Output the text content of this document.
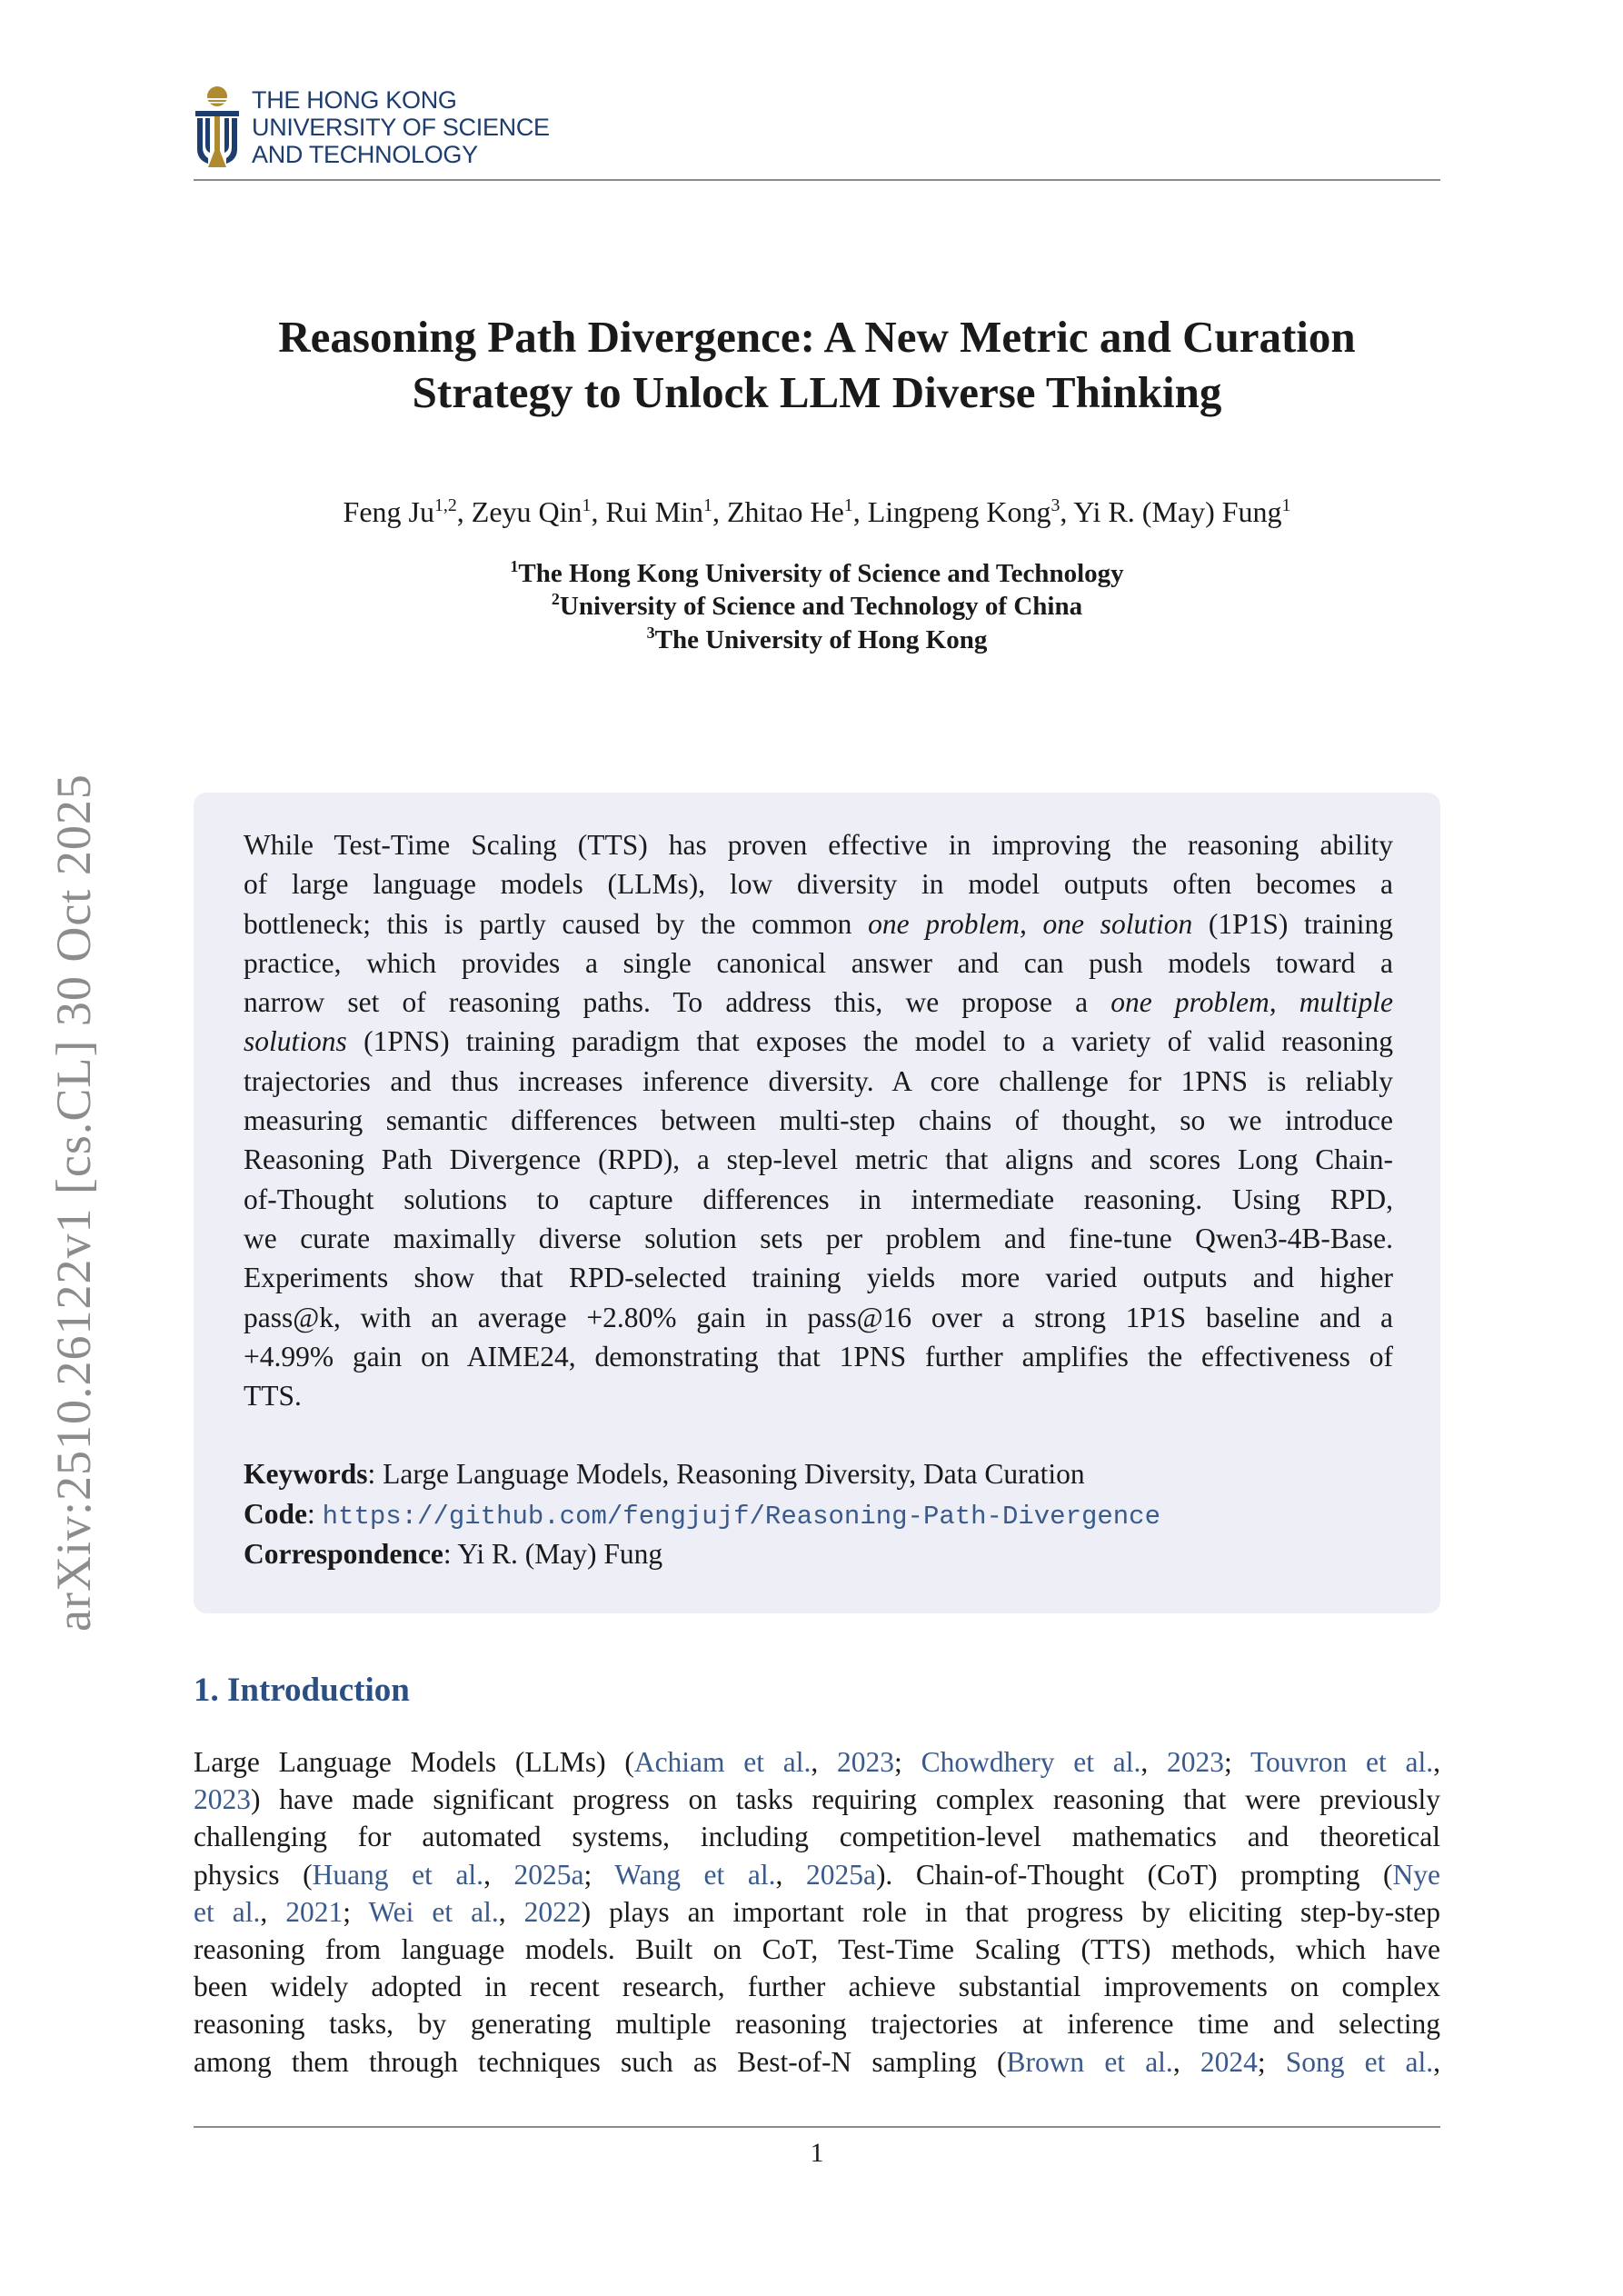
THE HONG KONG
UNIVERSITY OF SCIENCE
AND TECHNOLOGY
arXiv:2510.26122v1 [cs.CL] 30 Oct 2025
Reasoning Path Divergence: A New Metric and Curation
Strategy to Unlock LLM Diverse Thinking
Feng Ju$^{1,2}$, Zeyu Qin$^1$, Rui Min$^1$, Zhitao He$^1$, Lingpeng Kong$^3$, Yi R. (May) Fung$^1$
$^1$The Hong Kong University of Science and Technology
$^2$University of Science and Technology of China
$^3$The University of Hong Kong
While Test-Time Scaling (TTS) has proven effective in improving the reasoning ability
of large language models (LLMs), low diversity in model outputs often becomes a
bottleneck; this is partly caused by the common one problem, one solution (1P1S) training
practice, which provides a single canonical answer and can push models toward a
narrow set of reasoning paths. To address this, we propose a one problem, multiple
solutions (1PNS) training paradigm that exposes the model to a variety of valid reasoning
trajectories and thus increases inference diversity. A core challenge for 1PNS is reliably
measuring semantic differences between multi-step chains of thought, so we introduce
Reasoning Path Divergence (RPD), a step-level metric that aligns and scores Long Chain-
of-Thought solutions to capture differences in intermediate reasoning. Using RPD,
we curate maximally diverse solution sets per problem and fine-tune Qwen3-4B-Base.
Experiments show that RPD-selected training yields more varied outputs and higher
pass@k, with an average +2.80% gain in pass@16 over a strong 1P1S baseline and a
+4.99% gain on AIME24, demonstrating that 1PNS further amplifies the effectiveness of
TTS.
Keywords: Large Language Models, Reasoning Diversity, Data Curation
Code: https://github.com/fengjujf/Reasoning-Path-Divergence
Correspondence: Yi R. (May) Fung
1. Introduction
Large Language Models (LLMs) (Achiam et al., 2023; Chowdhery et al., 2023; Touvron et al.,
2023) have made significant progress on tasks requiring complex reasoning that were previously
challenging for automated systems, including competition-level mathematics and theoretical
physics (Huang et al., 2025a; Wang et al., 2025a). Chain-of-Thought (CoT) prompting (Nye
et al., 2021; Wei et al., 2022) plays an important role in that progress by eliciting step-by-step
reasoning from language models. Built on CoT, Test-Time Scaling (TTS) methods, which have
been widely adopted in recent research, further achieve substantial improvements on complex
reasoning tasks, by generating multiple reasoning trajectories at inference time and selecting
among them through techniques such as Best-of-N sampling (Brown et al., 2024; Song et al.,
1
